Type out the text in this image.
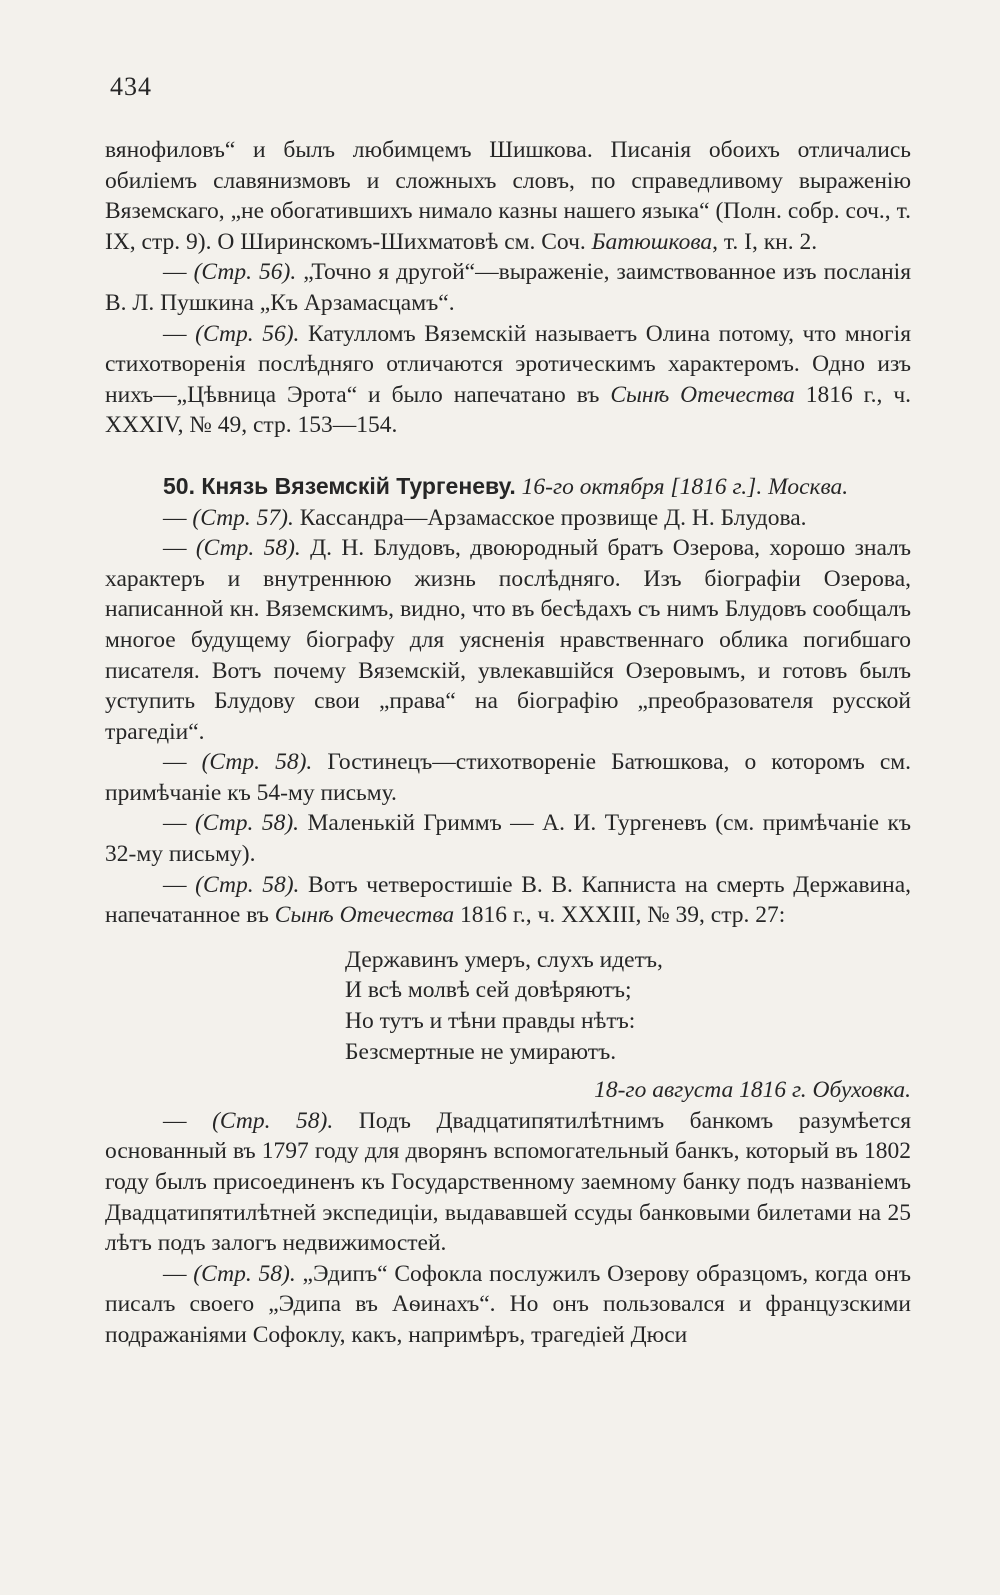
434

вянофиловъ“ и былъ любимцемъ Шишкова. Писанія обоихъ отличались обиліемъ славянизмовъ и сложныхъ словъ, по справедливому выраженію Вяземскаго, „не обогатившихъ нимало казны нашего языка“ (Полн. собр. соч., т. IX, стр. 9). О Ширинскомъ-Шихматовѣ см. Соч. Батюшкова, т. I, кн. 2.

— (Стр. 56). „Точно я другой“—выраженіе, заимствованное изъ посланія В. Л. Пушкина „Къ Арзамасцамъ“.

— (Стр. 56). Катулломъ Вяземскій называетъ Олина потому, что многія стихотворенія послѣдняго отличаются эротическимъ характеромъ. Одно изъ нихъ—„Цѣвница Эрота“ и было напечатано въ Сынѣ Отечества 1816 г., ч. XXXIV, № 49, стр. 153—154.

50. Князь Вяземскій Тургеневу. 16-го октября [1816 г.]. Москва.

— (Стр. 57). Кассандра—Арзамасское прозвище Д. Н. Блудова.

— (Стр. 58). Д. Н. Блудовъ, двоюродный братъ Озерова, хорошо зналъ характеръ и внутреннюю жизнь послѣдняго. Изъ біографіи Озерова, написанной кн. Вяземскимъ, видно, что въ бесѣдахъ съ нимъ Блудовъ сообщалъ многое будущему біографу для уясненія нравственнаго облика погибшаго писателя. Вотъ почему Вяземскій, увлекавшійся Озеровымъ, и готовъ былъ уступить Блудову свои „права“ на біографію „преобразователя русской трагедіи“.

— (Стр. 58). Гостинецъ—стихотвореніе Батюшкова, о которомъ см. примѣчаніе къ 54-му письму.

— (Стр. 58). Маленькій Гриммъ — А. И. Тургеневъ (см. примѣчаніе къ 32-му письму).

— (Стр. 58). Вотъ четверостишіе В. В. Капниста на смерть Державина, напечатанное въ Сынѣ Отечества 1816 г., ч. XXXIII, № 39, стр. 27:

Державинъ умеръ, слухъ идетъ,
И всѣ молвѣ сей довѣряютъ;
Но тутъ и тѣни правды нѣтъ:
Безсмертные не умираютъ.

18-го августа 1816 г. Обуховка.

— (Стр. 58). Подъ Двадцатипятилѣтнимъ банкомъ разумѣется основанный въ 1797 году для дворянъ вспомогательный банкъ, который въ 1802 году былъ присоединенъ къ Государственному заемному банку подъ названіемъ Двадцатипятилѣтней экспедиціи, выдававшей ссуды банковыми билетами на 25 лѣтъ подъ залогъ недвижимостей.

— (Стр. 58). „Эдипъ“ Софокла послужилъ Озерову образцомъ, когда онъ писалъ своего „Эдипа въ Аѳинахъ“. Но онъ пользовался и французскими подражаніями Софоклу, какъ, напримѣръ, трагедіей Дюси
